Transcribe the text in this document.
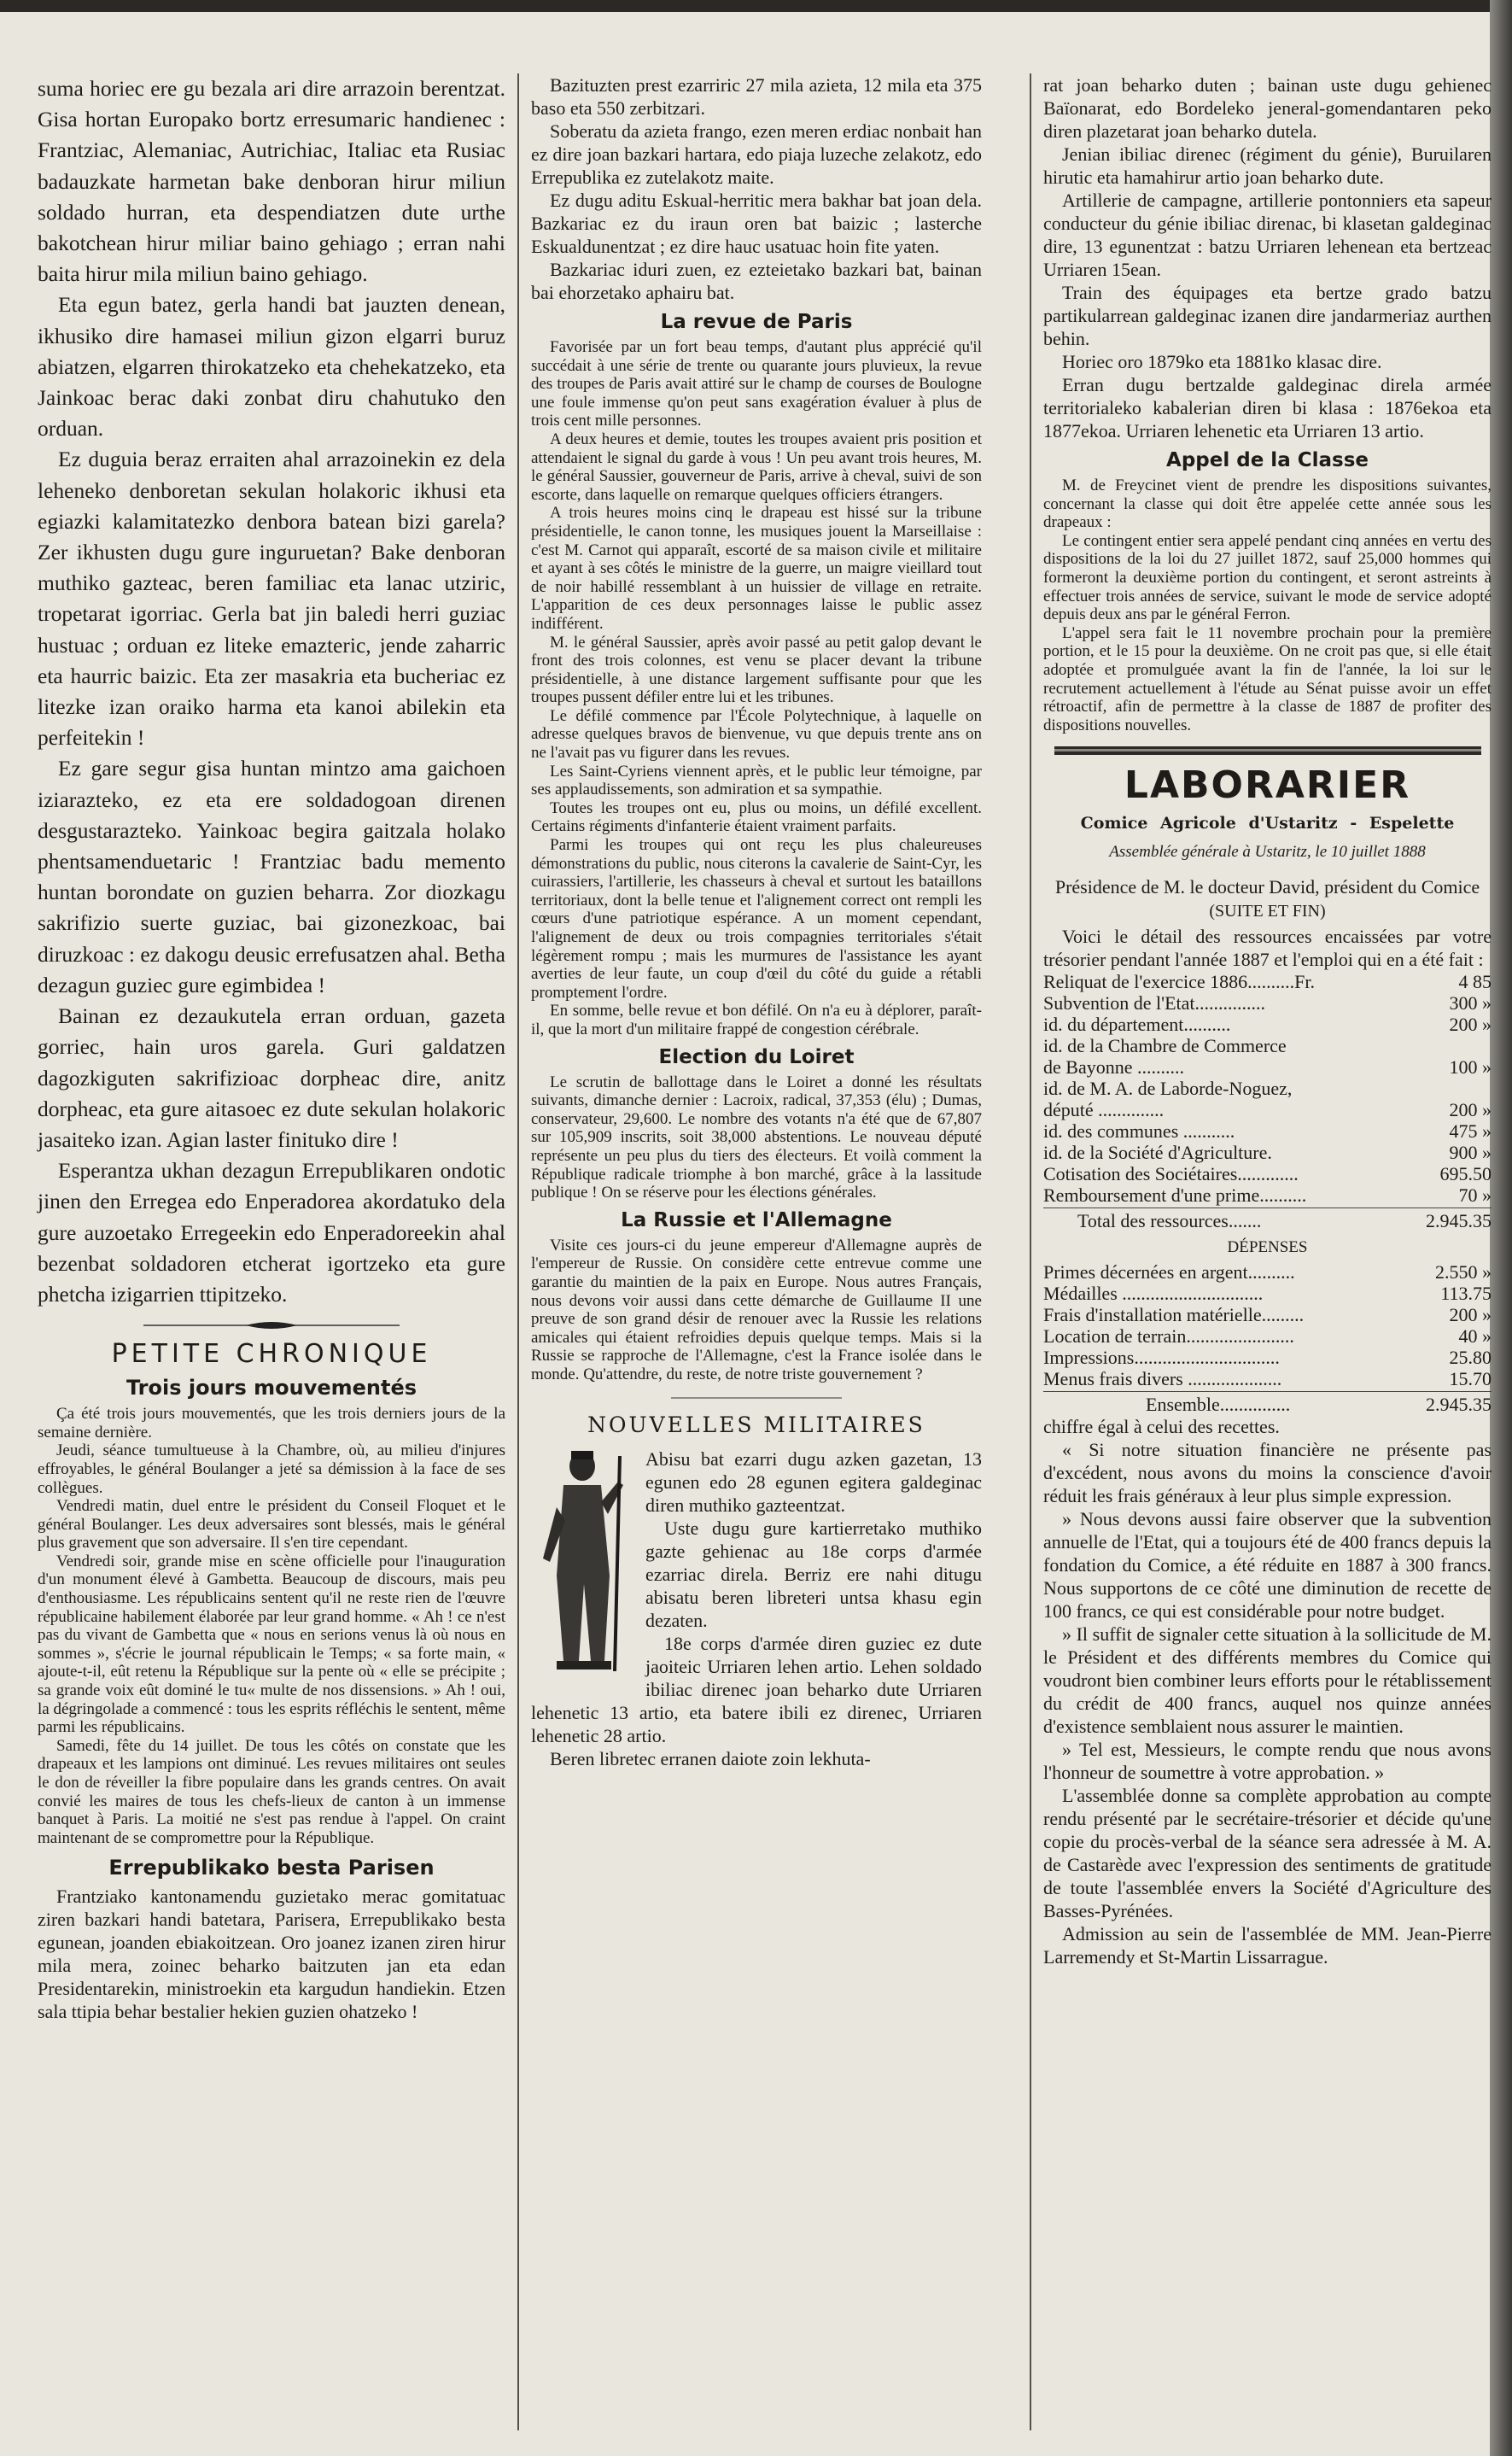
suma horiec ere gu bezala ari dire arrazoin berentzat. Gisa hortan Europako bortz erresumaric handienec : Frantziac, Alemaniac, Autrichiac, Italiac eta Rusiac badauzkate harmetan bake denboran hirur miliun soldado hurran, eta despendiatzen dute urthe bakotchean hirur miliar baino gehiago ; erran nahi baita hirur mila miliun baino gehiago.

Eta egun batez, gerla handi bat jauzten denean, ikhusiko dire hamasei miliun gizon elgarri buruz abiatzen, elgarren thirokatzeko eta chehekatzeko, eta Jainkoac berac daki zonbat diru chahutuko den orduan.

Ez duguia beraz erraiten ahal arrazoinekin ez dela leheneko denboretan sekulan holakoric ikhusi eta egiazki kalamitatezko denbora batean bizi garela? Zer ikhusten dugu gure inguruetan? Bake denboran muthiko gazteac, beren familiac eta lanac utziric, tropetarat igorriac. Gerla bat jin baledi herri guziac hustuac ; orduan ez liteke emazteric, jende zaharric eta haurric baizic. Eta zer masakria eta bucheriac ez litezke izan oraiko harma eta kanoi abilekin eta perfeitekin !

Ez gare segur gisa huntan mintzo ama gaichoen iziarazteko, ez eta ere soldadogoan direnen desgustarazteko. Yainkoac begira gaitzala holako phentsamenduetaric ! Frantziac badu memento huntan borondate on guzien beharra. Zor diozkagu sakrifizio suerte guziac, bai gizonezkoac, bai diruzkoac : ez dakogu deusic errefusatzen ahal. Betha dezagun guziec gure egimbidea !

Bainan ez dezaukutela erran orduan, gazeta gorriec, hain uros garela. Guri galdatzen dagozkiguten sakrifizioac dorpheac dire, anitz dorpheac, eta gure aitasoec ez dute sekulan holakoric jasaiteko izan. Agian laster finituko dire !

Esperantza ukhan dezagun Errepublikaren ondotic jinen den Erregea edo Enperadorea akordatuko dela gure auzoetako Erregeekin edo Enperadoreekin ahal bezenbat soldadoren etcherat igortzeko eta gure phetcha izigarrien ttipitzeko.

PETITE CHRONIQUE
Trois jours mouvementés

Ça été trois jours mouvementés, que les trois derniers jours de la semaine dernière.

Jeudi, séance tumultueuse à la Chambre, où, au milieu d'injures effroyables, le général Boulanger a jeté sa démission à la face de ses collègues.

Vendredi matin, duel entre le président du Conseil Floquet et le général Boulanger. Les deux adversaires sont blessés, mais le général plus gravement que son adversaire. Il s'en tire cependant.

Vendredi soir, grande mise en scène officielle pour l'inauguration d'un monument élevé à Gambetta. Beaucoup de discours, mais peu d'enthousiasme. Les républicains sentent qu'il ne reste rien de l'œuvre républicaine habilement élaborée par leur grand homme. « Ah ! ce n'est pas du vivant de Gambetta que « nous en serions venus là où nous en sommes », s'écrie le journal républicain le Temps; « sa forte main, « ajoute-t-il, eût retenu la République sur la pente où « elle se précipite ; sa grande voix eût dominé le tu« multe de nos dissensions. » Ah ! oui, la dégringolade a commencé : tous les esprits réfléchis le sentent, même parmi les républicains.

Samedi, fête du 14 juillet. De tous les côtés on constate que les drapeaux et les lampions ont diminué. Les revues militaires ont seules le don de réveiller la fibre populaire dans les grands centres. On avait convié les maires de tous les chefs-lieux de canton à un immense banquet à Paris. La moitié ne s'est pas rendue à l'appel. On craint maintenant de se compromettre pour la République.

Errepublikako besta Parisen

Frantziako kantonamendu guzietako merac gomitatuac ziren bazkari handi batetara, Parisera, Errepublikako besta egunean, joanden ebiakoitzean. Oro joanez izanen ziren hirur mila mera, zoinec beharko baitzuten jan eta edan Presidentarekin, ministroekin eta kargudun handiekin. Etzen sala ttipia behar bestalier hekien guzien ohatzeko !

Bazituzten prest ezarriric 27 mila azieta, 12 mila eta 375 baso eta 550 zerbitzari.

Soberatu da azieta frango, ezen meren erdiac nonbait han ez dire joan bazkari hartara, edo piaja luzeche zelakotz, edo Errepublika ez zutelakotz maite.

Ez dugu aditu Eskual-herritic mera bakhar bat joan dela. Bazkariac ez du iraun oren bat baizic ; lasterche Eskualdunentzat ; ez dire hauc usatuac hoin fite yaten.

Bazkariac iduri zuen, ez ezteietako bazkari bat, bainan bai ehorzetako aphairu bat.

La revue de Paris

Favorisée par un fort beau temps, d'autant plus apprécié qu'il succédait à une série de trente ou quarante jours pluvieux, la revue des troupes de Paris avait attiré sur le champ de courses de Boulogne une foule immense qu'on peut sans exagération évaluer à plus de trois cent mille personnes.

A deux heures et demie, toutes les troupes avaient pris position et attendaient le signal du garde à vous ! Un peu avant trois heures, M. le général Saussier, gouverneur de Paris, arrive à cheval, suivi de son escorte, dans laquelle on remarque quelques officiers étrangers.

A trois heures moins cinq le drapeau est hissé sur la tribune présidentielle, le canon tonne, les musiques jouent la Marseillaise : c'est M. Carnot qui apparaît, escorté de sa maison civile et militaire et ayant à ses côtés le ministre de la guerre, un maigre vieillard tout de noir habillé ressemblant à un huissier de village en retraite. L'apparition de ces deux personnages laisse le public assez indifférent.

M. le général Saussier, après avoir passé au petit galop devant le front des trois colonnes, est venu se placer devant la tribune présidentielle, à une distance largement suffisante pour que les troupes pussent défiler entre lui et les tribunes.

Le défilé commence par l'École Polytechnique, à laquelle on adresse quelques bravos de bienvenue, vu que depuis trente ans on ne l'avait pas vu figurer dans les revues.

Les Saint-Cyriens viennent après, et le public leur témoigne, par ses applaudissements, son admiration et sa sympathie.

Toutes les troupes ont eu, plus ou moins, un défilé excellent. Certains régiments d'infanterie étaient vraiment parfaits.

Parmi les troupes qui ont reçu les plus chaleureuses démonstrations du public, nous citerons la cavalerie de Saint-Cyr, les cuirassiers, l'artillerie, les chasseurs à cheval et surtout les bataillons territoriaux, dont la belle tenue et l'alignement correct ont rempli les cœurs d'une patriotique espérance. A un moment cependant, l'alignement de deux ou trois compagnies territoriales s'était légèrement rompu ; mais les murmures de l'assistance les ayant averties de leur faute, un coup d'œil du côté du guide a rétabli promptement l'ordre.

En somme, belle revue et bon défilé. On n'a eu à déplorer, paraît-il, que la mort d'un militaire frappé de congestion cérébrale.

Election du Loiret

Le scrutin de ballottage dans le Loiret a donné les résultats suivants, dimanche dernier : Lacroix, radical, 37,353 (élu) ; Dumas, conservateur, 29,600. Le nombre des votants n'a été que de 67,807 sur 105,909 inscrits, soit 38,000 abstentions. Le nouveau député représente un peu plus du tiers des électeurs. Et voilà comment la République radicale triomphe à bon marché, grâce à la lassitude publique ! On se réserve pour les élections générales.

La Russie et l'Allemagne

Visite ces jours-ci du jeune empereur d'Allemagne auprès de l'empereur de Russie. On considère cette entrevue comme une garantie du maintien de la paix en Europe. Nous autres Français, nous devons voir aussi dans cette démarche de Guillaume II une preuve de son grand désir de renouer avec la Russie les relations amicales qui étaient refroidies depuis quelque temps. Mais si la Russie se rapproche de l'Allemagne, c'est la France isolée dans le monde. Qu'attendre, du reste, de notre triste gouvernement ?

NOUVELLES MILITAIRES

Abisu bat ezarri dugu azken gazetan, 13 egunen edo 28 egunen egitera galdeginac diren muthiko gazteentzat.

Uste dugu gure kartierretako muthiko gazte gehienac au 18e corps d'armée ezarriac direla. Berriz ere nahi ditugu abisatu beren libreteri untsa khasu egin dezaten.

18e corps d'armée diren guziec ez dute jaoiteic Urriaren lehen artio. Lehen soldado ibiliac direnec joan beharko dute Urriaren lehenetic 13 artio, eta batere ibili ez direnec, Urriaren lehenetic 28 artio.

Beren libretec erranen daiote zoin lekhuta-

rat joan beharko duten ; bainan uste dugu gehienec Baïonarat, edo Bordeleko jeneral-gomendantaren peko diren plazetarat joan beharko dutela.

Jenian ibiliac direnec (régiment du génie), Buruilaren hirutic eta hamahirur artio joan beharko dute.

Artillerie de campagne, artillerie pontonniers eta sapeur conducteur du génie ibiliac direnac, bi klasetan galdeginac dire, 13 egunentzat : batzu Urriaren lehenean eta bertzeac Urriaren 15ean.

Train des équipages eta bertze grado batzu partikularrean galdeginac izanen dire jandarmeriaz aurthen behin.

Horiec oro 1879ko eta 1881ko klasac dire.

Erran dugu bertzalde galdeginac direla armée territorialeko kabalerian diren bi klasa : 1876ekoa eta 1877ekoa. Urriaren lehenetic eta Urriaren 13 artio.

Appel de la Classe

M. de Freycinet vient de prendre les dispositions suivantes, concernant la classe qui doit être appelée cette année sous les drapeaux :

Le contingent entier sera appelé pendant cinq années en vertu des dispositions de la loi du 27 juillet 1872, sauf 25,000 hommes qui formeront la deuxième portion du contingent, et seront astreints à effectuer trois années de service, suivant le mode de service adopté depuis deux ans par le général Ferron.

L'appel sera fait le 11 novembre prochain pour la première portion, et le 15 pour la deuxième. On ne croit pas que, si elle était adoptée et promulguée avant la fin de l'année, la loi sur le recrutement actuellement à l'étude au Sénat puisse avoir un effet rétroactif, afin de permettre à la classe de 1887 de profiter des dispositions nouvelles.

LABORARIER
Comice Agricole d'Ustaritz - Espelette
Assemblée générale à Ustaritz, le 10 juillet 1888

Présidence de M. le docteur David, président du Comice

(SUITE ET FIN)

Voici le détail des ressources encaissées par votre trésorier pendant l'année 1887 et l'emploi qui en a été fait :

Reliquat de l'exercice 1886..........Fr.	4 85
Subvention de l'Etat...............	300 »
id. du département..........	200 »
id. de la Chambre de Commerce
de Bayonne ..........	100 »
id. de M. A. de Laborde-Noguez,
député ..............	200 »
id. des communes ...........	475 »
id. de la Société d'Agriculture.	900 »
Cotisation des Sociétaires.............	695.50
Remboursement d'une prime..........	70 »
Total des ressources.......	2.945.35
DÉPENSES
Primes décernées en argent..........	2.550 »
Médailles ..............................	113.75
Frais d'installation matérielle.........	200 »
Location de terrain.......................	40 »
Impressions...............................	25.80
Menus frais divers ....................	15.70
Ensemble...............	2.945.35

chiffre égal à celui des recettes.

« Si notre situation financière ne présente pas d'excédent, nous avons du moins la conscience d'avoir réduit les frais généraux à leur plus simple expression.

» Nous devons aussi faire observer que la subvention annuelle de l'Etat, qui a toujours été de 400 francs depuis la fondation du Comice, a été réduite en 1887 à 300 francs. Nous supportons de ce côté une diminution de recette de 100 francs, ce qui est considérable pour notre budget.

» Il suffit de signaler cette situation à la sollicitude de M. le Président et des différents membres du Comice qui voudront bien combiner leurs efforts pour le rétablissement du crédit de 400 francs, auquel nos quinze années d'existence semblaient nous assurer le maintien.

» Tel est, Messieurs, le compte rendu que nous avons l'honneur de soumettre à votre approbation. »

L'assemblée donne sa complète approbation au compte rendu présenté par le secrétaire-trésorier et décide qu'une copie du procès-verbal de la séance sera adressée à M. A. de Castarède avec l'expression des sentiments de gratitude de toute l'assemblée envers la Société d'Agriculture des Basses-Pyrénées.

Admission au sein de l'assemblée de MM. Jean-Pierre Larremendy et St-Martin Lissarrague.
